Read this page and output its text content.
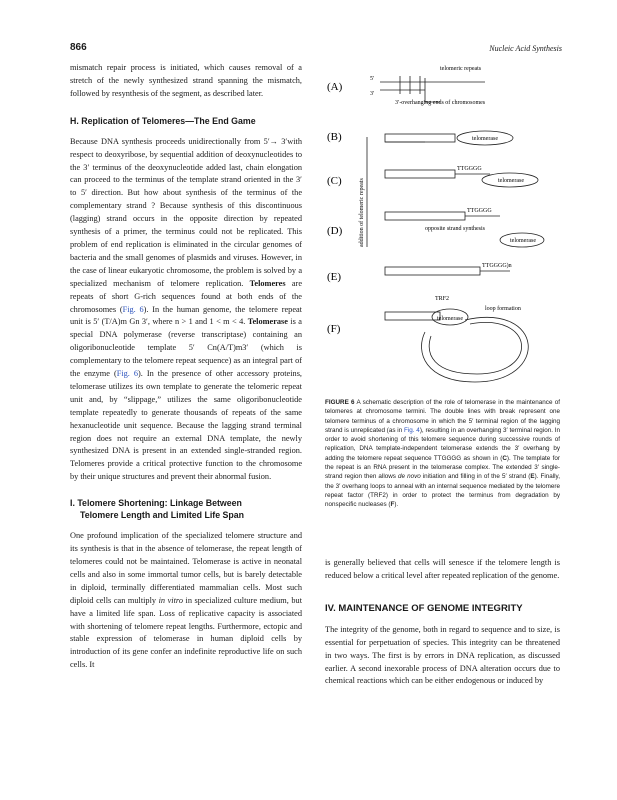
866	Nucleic Acid Synthesis

mismatch repair process is initiated, which causes removal of a stretch of the newly synthesized strand spanning the mismatch, followed by resynthesis of the segment, as described later.

H. Replication of Telomeres—The End Game

Because DNA synthesis proceeds unidirectionally from 5′→ 3′with respect to deoxyribose, by sequential addition of deoxynucleotides to the 3′ terminus of the deoxynucleotide added last, chain elongation can proceed to the terminus of the template strand oriented in the 3′ to 5′ direction. But how about synthesis of the terminus of the complementary strand ? Because synthesis of this discontinuous (lagging) strand occurs in the opposite direction by repeated synthesis of a primer, the terminus could not be replicated. This problem of end replication is eliminated in the circular genomes of bacteria and the small genomes of plasmids and viruses. However, in the case of linear eukaryotic chromosome, the problem is solved by a specialized mechanism of telomere replication. Telomeres are repeats of short G-rich sequences found at both ends of the chromosomes (Fig. 6). In the human genome, the telomere repeat unit is 5′ (T/A)m Gn 3′, where n > 1 and 1 < m < 4. Telomerase is a special DNA polymerase (reverse transcriptase) containing an oligoribonucleotide template 5′ Cn(A/T)m3′ (which is complementary to the telomere repeat sequence) as an integral part of the enzyme (Fig. 6). In the presence of other accessory proteins, telomerase utilizes its own template to generate the telomeric repeat unit and, by “slippage,” utilizes the same oligoribonucleotide template repeatedly to generate thousands of repeats of the same hexanucleotide unit sequence. Because the lagging strand terminal region does not require an external DNA template, the newly synthesized DNA is present in an extended single-stranded region. Telomeres provide a critical protective function to the chromosome by their unique structures and prevent their abnormal fusion.

I. Telomere Shortening: Linkage Between
Telomere Length and Limited Life Span

One profound implication of the specialized telomere structure and its synthesis is that in the absence of telomerase, the repeat length of telomeres could not be maintained. Telomerase is active in neonatal cells and also in some immortal tumor cells, but is barely detectable in diploid, terminally differentiated mammalian cells. Most such diploid cells can multiply in vitro in specialized culture medium, but have a limited life span. Loss of replicative capacity is associated with shortening of telomere repeat lengths. Furthermore, ectopic and stable expression of telomerase in human diploid cells by introduction of its gene confer an indefinite reproductive life on such cells. It

(A)
(B)
(C)
(D)
(E)
(F)
telomeric repeats
5′
3′
3′-overhanging ends of chromosomes
telomerase
TTGGGG
telomerase
TTGGGG
telomerase
opposite strand synthesis
TTGGGG)n
TRF2
telomerase
loop formation
addition of telomeric repeats
FIGURE 6 A schematic description of the role of telomerase in the maintenance of telomeres at chromosome termini. The double lines with break represent one telomere terminus of a chromosome in which the 5′ terminal region of the lagging strand is unreplicated (as in Fig. 4), resulting in an overhanging 3′ terminal region. In order to avoid shortening of this telomere sequence during successive rounds of replication, DNA template-independent telomerase extends the 3′ overhang by adding the telomere repeat sequence TTGGGG as shown in (C). The template for the repeat is an RNA present in the telomerase complex. The extended 3′ single-strand region then allows de novo initiation and filling in of the 5′ strand (E). Finally, the 3′ overhang loops to anneal with an internal sequence mediated by the telomere repeat factor (TRF2) in order to protect the terminus from degradation by nonspecific nucleases (F).

is generally believed that cells will senesce if the telomere length is reduced below a critical level after repeated replication of the genome.

IV. MAINTENANCE OF GENOME INTEGRITY

The integrity of the genome, both in regard to sequence and to size, is essential for perpetuation of species. This integrity can be threatened in two ways. The first is by errors in DNA replication, as discussed earlier. A second inexorable process of DNA alteration occurs due to chemical reactions which can be either endogenous or induced by
